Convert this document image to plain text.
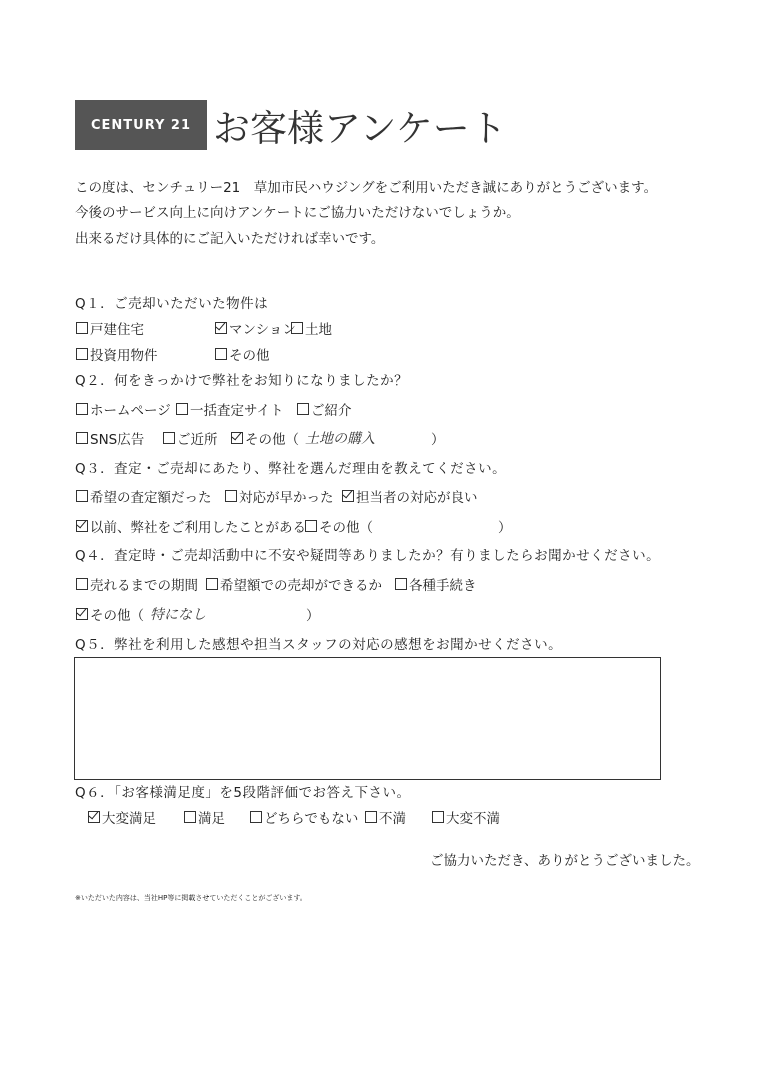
CENTURY 21 お客様アンケート
この度は、センチュリー21　草加市民ハウジングをご利用いただき誠にありがとうございます。
今後のサービス向上に向けアンケートにご協力いただけないでしょうか。
出来るだけ具体的にご記入いただければ幸いです。
Q１．ご売却いただいた物件は
戸建住宅	マンション 土地
投資用物件	その他
Q２．何をきっかけで弊社をお知りになりましたか？
ホームページ 一括査定サイト ご紹介
SNS広告 ご近所 その他（ 土地の購入	）
Q３．査定・ご売却にあたり、弊社を選んだ理由を教えてください。
希望の査定額だった 対応が早かった 担当者の対応が良い
以前、弊社をご利用したことがある その他（	）
Q４．査定時・ご売却活動中に不安や疑問等ありましたか？有りましたらお聞かせください。
売れるまでの期間 希望額での売却ができるか 各種手続き
その他（ 特になし	）
Q５．弊社を利用した感想や担当スタッフの対応の感想をお聞かせください。
Q６．「お客様満足度」を5段階評価でお答え下さい。
大変満足	満足	どちらでもない 不満	大変不満
ご協力いただき、ありがとうございました。
※いただいた内容は、当社HP等に掲載させていただくことがございます。
